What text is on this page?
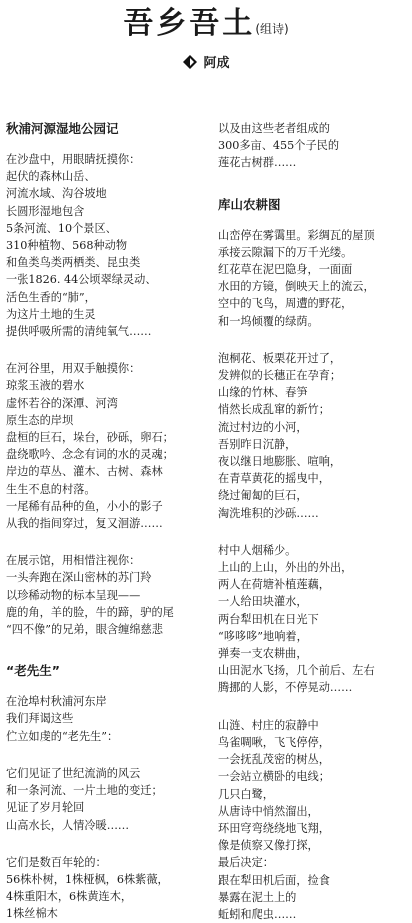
吾乡吾土(组诗)
阿成
秋浦河源湿地公园记
在沙盘中，用眼睛抚摸你：
起伏的森林山岳、
河流水域、沟谷坡地
长圆形湿地包含
5条河流、10个景区、
310种植物、568种动物
和鱼类鸟类两栖类、昆虫类
一张1826. 44公顷翠绿灵动、
活色生香的“肺”，
为这片土地的生灵
提供呼吸所需的清纯氧气……
在河谷里，用双手触摸你：
琼浆玉液的碧水
虚怀若谷的深潭、河湾
原生态的岸坝
盘桓的巨石，垛台，砂砾，卵石；
盘绕歌吟、念念有词的水的灵魂；
岸边的草丛、灌木、古树、森林
生生不息的村落。
一尾稀有品种的鱼，小小的影子
从我的指间穿过，复又洄游……
在展示馆，用相惜注视你：
一头奔跑在深山密林的苏门羚
以珍稀动物的标本呈现——
鹿的角，羊的脸，牛的蹄，驴的尾
“四不像”的兄弟，眼含缠绵慈悲
“老先生”
在沧埠村秋浦河东岸
我们拜谒这些
伫立如虔的“老先生”：
它们见证了世纪流淌的风云
和一条河流、一片土地的变迁；
见证了岁月轮回
山高水长，人情冷暖……
它们是数百年轮的：
56株朴树，1株桠枫，6株紫薇，
4株重阳木，6株黄连木，
1株丝棉木
以及由这些老者组成的
300多亩、455个子民的
莲花古树群……
库山农耕图
山峦停在雾霭里。彩绸瓦的屋顶
承接云隙漏下的万千光缕。
红花草在泥巴隐身，一面面
水田的方镜，倒映天上的流云，
空中的飞鸟，周遭的野花，
和一坞倾覆的绿荫。
泡桐花、板栗花开过了，
发辨似的长穗正在孕育；
山缘的竹林、春笋
悄然长成乱窜的新竹；
流过村边的小河，
吾别昨日沉静，
夜以继日地膨胀、喧响，
在青草黄花的摇曳中，
绕过匍匐的巨石，
淘洗堆积的沙砾……
村中人烟稀少。
上山的上山，外出的外出，
两人在荷塘补植莲藕，
一人给田块灌水，
两台犁田机在日光下
“哆哆哆”地响着，
弹奏一支农耕曲，
山田泥水飞扬，几个前后、左右
腾挪的人影，不停晃动……
山涟、村庄的寂静中
鸟雀啁啾，飞飞停停，
一会抚乱茂密的树丛，
一会站立横卧的电线；
几只白鹭，
从唐诗中悄然溜出，
环田穹弯绕绕地飞翔，
像是侦察又像打探，
最后决定：
跟在犁田机后面，捡食
暴露在泥土上的
蚯蚓和爬虫……
